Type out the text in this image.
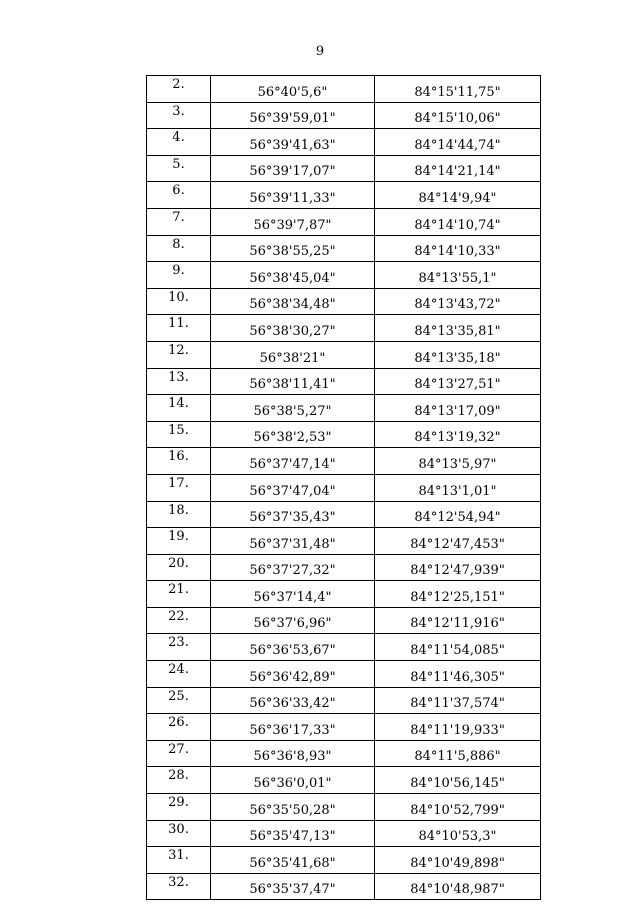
9
2.	56°40'5,6"	84°15'11,75"
3.	56°39'59,01"	84°15'10,06"
4.	56°39'41,63"	84°14'44,74"
5.	56°39'17,07"	84°14'21,14"
6.	56°39'11,33"	84°14'9,94"
7.	56°39'7,87"	84°14'10,74"
8.	56°38'55,25"	84°14'10,33"
9.	56°38'45,04"	84°13'55,1"
10.	56°38'34,48"	84°13'43,72"
11.	56°38'30,27"	84°13'35,81"
12.	56°38'21"	84°13'35,18"
13.	56°38'11,41"	84°13'27,51"
14.	56°38'5,27"	84°13'17,09"
15.	56°38'2,53"	84°13'19,32"
16.	56°37'47,14"	84°13'5,97"
17.	56°37'47,04"	84°13'1,01"
18.	56°37'35,43"	84°12'54,94"
19.	56°37'31,48"	84°12'47,453"
20.	56°37'27,32"	84°12'47,939"
21.	56°37'14,4"	84°12'25,151"
22.	56°37'6,96"	84°12'11,916"
23.	56°36'53,67"	84°11'54,085"
24.	56°36'42,89"	84°11'46,305"
25.	56°36'33,42"	84°11'37,574"
26.	56°36'17,33"	84°11'19,933"
27.	56°36'8,93"	84°11'5,886"
28.	56°36'0,01"	84°10'56,145"
29.	56°35'50,28"	84°10'52,799"
30.	56°35'47,13"	84°10'53,3"
31.	56°35'41,68"	84°10'49,898"
32.	56°35'37,47"	84°10'48,987"
